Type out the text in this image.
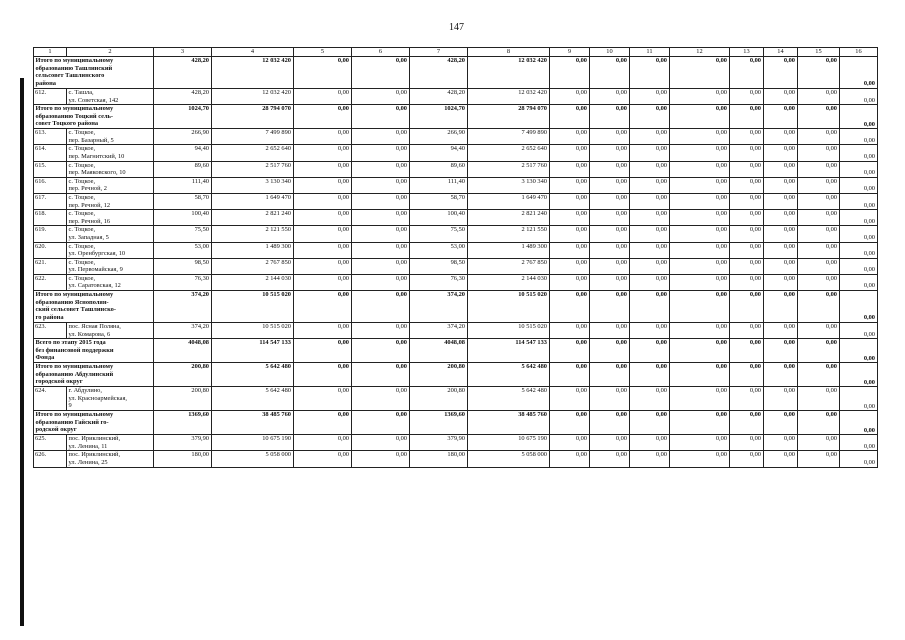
147
1	2	3	4	5	6	7	8	9	10	11	12	13	14	15	16
Итого по муниципальному
образованию Ташлинский
сельсовет Ташлинского
района		428,20	12 032 420	0,00	0,00	428,20	12 032 420	0,00	0,00	0,00	0,00	0,00	0,00	0,00	0,00
612.	с. Ташла,
ул. Советская, 142	428,20	12 032 420	0,00	0,00	428,20	12 032 420	0,00	0,00	0,00	0,00	0,00	0,00	0,00	0,00
Итого по муниципальному
образованию Тоцкий сель-
совет Тоцкого района		1024,70	28 794 070	0,00	0,00	1024,70	28 794 070	0,00	0,00	0,00	0,00	0,00	0,00	0,00	0,00
613.	с. Тоцкое,
пер. Базарный, 5	266,90	7 499 890	0,00	0,00	266,90	7 499 890	0,00	0,00	0,00	0,00	0,00	0,00	0,00	0,00
614.	с. Тоцкое,
пер. Магнитский, 10	94,40	2 652 640	0,00	0,00	94,40	2 652 640	0,00	0,00	0,00	0,00	0,00	0,00	0,00	0,00
615.	с. Тоцкое,
пер. Маяковского, 10	89,60	2 517 760	0,00	0,00	89,60	2 517 760	0,00	0,00	0,00	0,00	0,00	0,00	0,00	0,00
616.	с. Тоцкое,
пер. Речной, 2	111,40	3 130 340	0,00	0,00	111,40	3 130 340	0,00	0,00	0,00	0,00	0,00	0,00	0,00	0,00
617.	с. Тоцкое,
пер. Речной, 12	58,70	1 649 470	0,00	0,00	58,70	1 649 470	0,00	0,00	0,00	0,00	0,00	0,00	0,00	0,00
618.	с. Тоцкое,
пер. Речной, 16	100,40	2 821 240	0,00	0,00	100,40	2 821 240	0,00	0,00	0,00	0,00	0,00	0,00	0,00	0,00
619.	с. Тоцкое,
ул. Западная, 5	75,50	2 121 550	0,00	0,00	75,50	2 121 550	0,00	0,00	0,00	0,00	0,00	0,00	0,00	0,00
620.	с. Тоцкое,
ул. Оренбургская, 10	53,00	1 489 300	0,00	0,00	53,00	1 489 300	0,00	0,00	0,00	0,00	0,00	0,00	0,00	0,00
621.	с. Тоцкое,
ул. Первомайская, 9	98,50	2 767 850	0,00	0,00	98,50	2 767 850	0,00	0,00	0,00	0,00	0,00	0,00	0,00	0,00
622.	с. Тоцкое,
ул. Саратовская, 12	76,30	2 144 030	0,00	0,00	76,30	2 144 030	0,00	0,00	0,00	0,00	0,00	0,00	0,00	0,00
Итого по муниципальному
образованию Яснополян-
ский сельсовет Ташлинско-
го района		374,20	10 515 020	0,00	0,00	374,20	10 515 020	0,00	0,00	0,00	0,00	0,00	0,00	0,00	0,00
623.	пос. Ясная Поляна,
ул. Комарова, 6	374,20	10 515 020	0,00	0,00	374,20	10 515 020	0,00	0,00	0,00	0,00	0,00	0,00	0,00	0,00
Всего по этапу 2015 года
без финансовой поддержки
Фонда		4048,08	114 547 133	0,00	0,00	4048,08	114 547 133	0,00	0,00	0,00	0,00	0,00	0,00	0,00	0,00
Итого по муниципальному
образованию Абдулинский
городской округ		200,80	5 642 480	0,00	0,00	200,80	5 642 480	0,00	0,00	0,00	0,00	0,00	0,00	0,00	0,00
624.	г. Абдулино,
ул. Красноармейская,
9	200,80	5 642 480	0,00	0,00	200,80	5 642 480	0,00	0,00	0,00	0,00	0,00	0,00	0,00	0,00
Итого по муниципальному
образованию Гайский го-
родской округ		1369,60	38 485 760	0,00	0,00	1369,60	38 485 760	0,00	0,00	0,00	0,00	0,00	0,00	0,00	0,00
625.	пос. Ириклинский,
ул. Ленина, 11	379,90	10 675 190	0,00	0,00	379,90	10 675 190	0,00	0,00	0,00	0,00	0,00	0,00	0,00	0,00
626.	пос. Ириклинский,
ул. Ленина, 25	180,00	5 058 000	0,00	0,00	180,00	5 058 000	0,00	0,00	0,00	0,00	0,00	0,00	0,00	0,00
